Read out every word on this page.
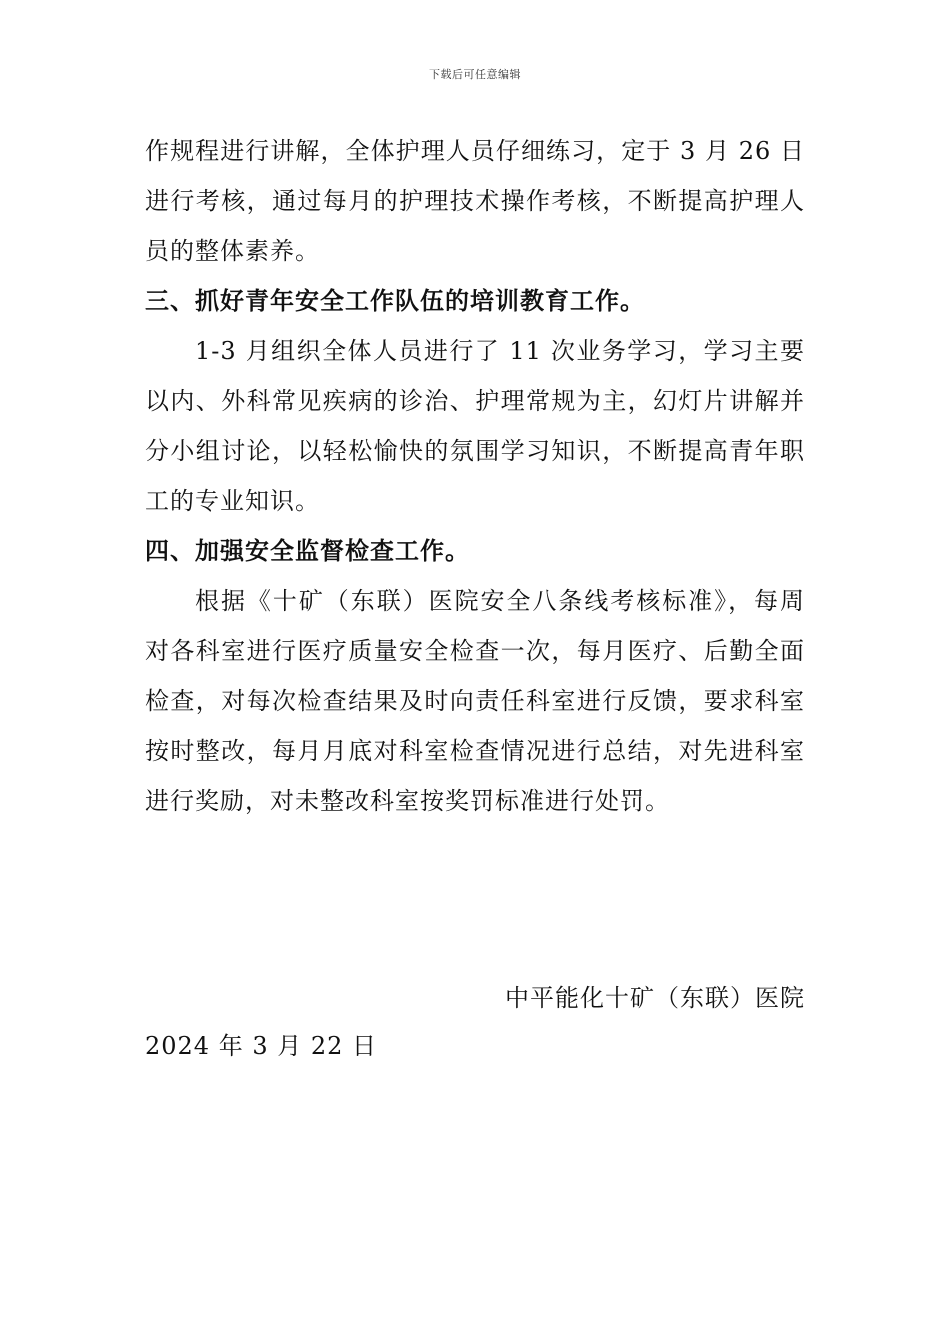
下载后可任意编辑

作规程进行讲解，全体护理人员仔细练习，定于 3 月 26 日进行考核，通过每月的护理技术操作考核，不断提高护理人员的整体素养。

三、抓好青年安全工作队伍的培训教育工作。

1-3 月组织全体人员进行了 11 次业务学习，学习主要以内、外科常见疾病的诊治、护理常规为主，幻灯片讲解并分小组讨论，以轻松愉快的氛围学习知识，不断提高青年职工的专业知识。

四、加强安全监督检查工作。

根据《十矿（东联）医院安全八条线考核标准》，每周对各科室进行医疗质量安全检查一次，每月医疗、后勤全面检查，对每次检查结果及时向责任科室进行反馈，要求科室按时整改，每月月底对科室检查情况进行总结，对先进科室进行奖励，对未整改科室按奖罚标准进行处罚。

中平能化十矿（东联）医院
2024 年 3 月 22 日
